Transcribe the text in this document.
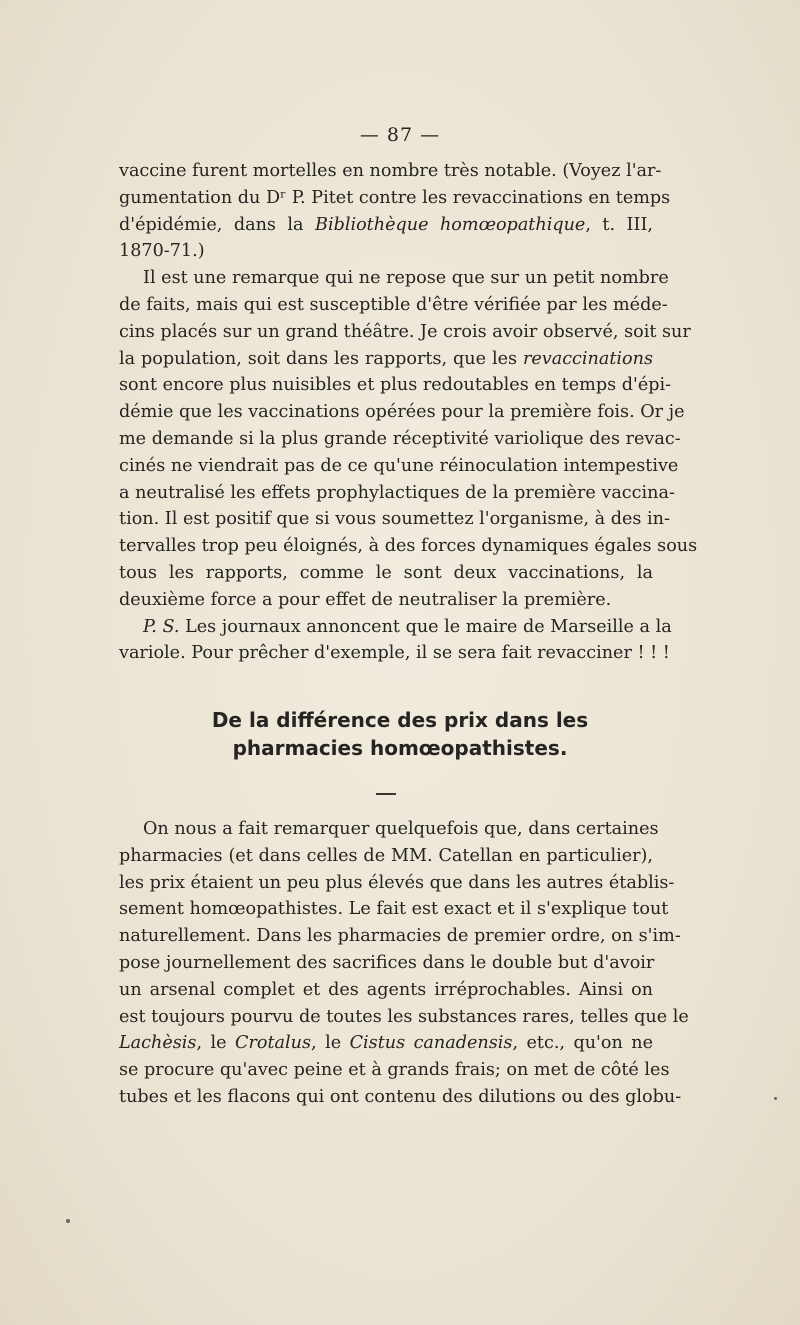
— 87 —
vaccine furent mortelles en nombre très notable. (Voyez l'ar-
gumentation du Dʳ P. Pitet contre les revaccinations en temps
d'épidémie, dans la Bibliothèque homœopathique, t. III,
1870-71.)
Il est une remarque qui ne repose que sur un petit nombre
de faits, mais qui est susceptible d'être vérifiée par les méde-
cins placés sur un grand théâtre. Je crois avoir observé, soit sur
la population, soit dans les rapports, que les revaccinations
sont encore plus nuisibles et plus redoutables en temps d'épi-
démie que les vaccinations opérées pour la première fois. Or je
me demande si la plus grande réceptivité variolique des revac-
cinés ne viendrait pas de ce qu'une réinoculation intempestive
a neutralisé les effets prophylactiques de la première vaccina-
tion. Il est positif que si vous soumettez l'organisme, à des in-
tervalles trop peu éloignés, à des forces dynamiques égales sous
tous les rapports, comme le sont deux vaccinations, la
deuxième force a pour effet de neutraliser la première.
P. S. Les journaux annoncent que le maire de Marseille a la
variole. Pour prêcher d'exemple, il se sera fait revacciner ! ! !
De la différence des prix dans les
pharmacies homœopathistes.
On nous a fait remarquer quelquefois que, dans certaines
pharmacies (et dans celles de MM. Catellan en particulier),
les prix étaient un peu plus élevés que dans les autres établis-
sement homœopathistes. Le fait est exact et il s'explique tout
naturellement. Dans les pharmacies de premier ordre, on s'im-
pose journellement des sacrifices dans le double but d'avoir
un arsenal complet et des agents irréprochables. Ainsi on
est toujours pourvu de toutes les substances rares, telles que le
Lachèsis, le Crotalus, le Cistus canadensis, etc., qu'on ne
se procure qu'avec peine et à grands frais; on met de côté les
tubes et les flacons qui ont contenu des dilutions ou des globu-
